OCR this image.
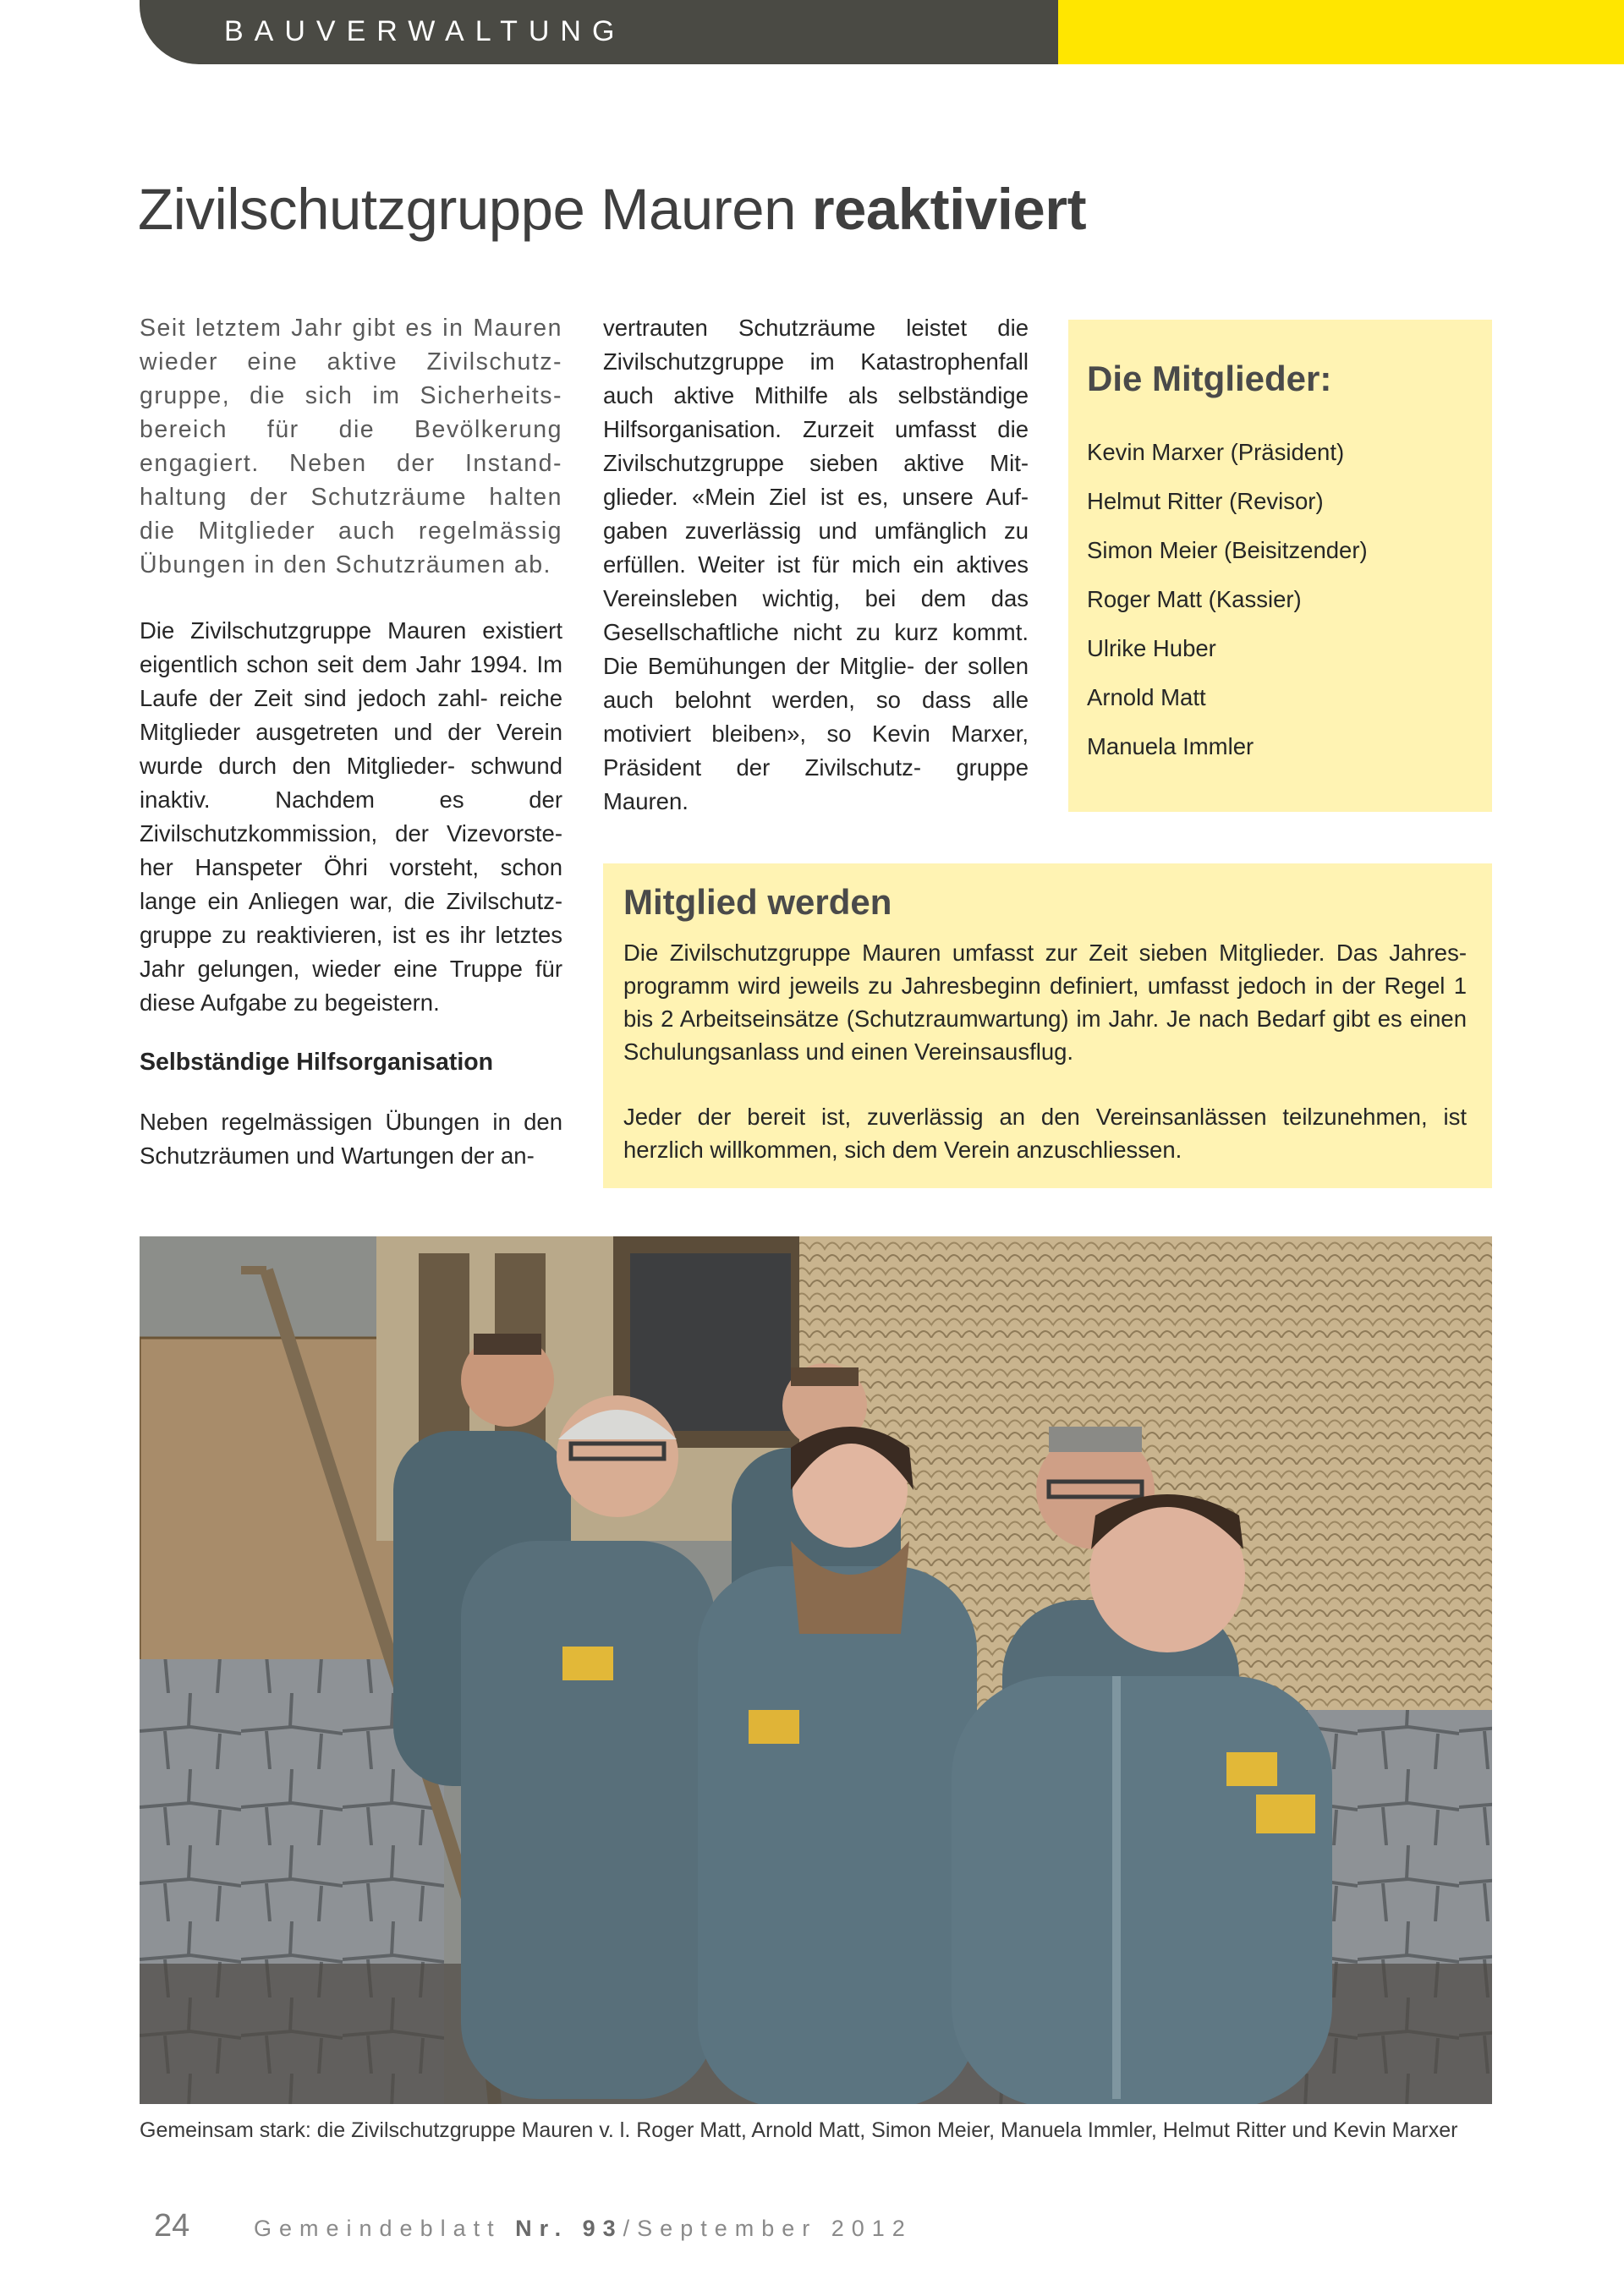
BAUVERWALTUNG
Zivilschutzgruppe Mauren reaktiviert

Seit letztem Jahr gibt es in Mauren wieder eine aktive Zivilschutz- gruppe, die sich im Sicherheits- bereich für die Bevölkerung engagiert. Neben der Instand- haltung der Schutzräume halten die Mitglieder auch regelmässig Übungen in den Schutzräumen ab.

Die Zivilschutzgruppe Mauren existiert eigentlich schon seit dem Jahr 1994. Im Laufe der Zeit sind jedoch zahl- reiche Mitglieder ausgetreten und der Verein wurde durch den Mitglieder- schwund inaktiv. Nachdem es der Zivilschutzkommission, der Vizevorste- her Hanspeter Öhri vorsteht, schon lange ein Anliegen war, die Zivilschutz- gruppe zu reaktivieren, ist es ihr letztes Jahr gelungen, wieder eine Truppe für diese Aufgabe zu begeistern.

Selbständige Hilfsorganisation

Neben regelmässigen Übungen in den Schutzräumen und Wartungen der an-

vertrauten Schutzräume leistet die Zivilschutzgruppe im Katastrophenfall auch aktive Mithilfe als selbständige Hilfsorganisation. Zurzeit umfasst die Zivilschutzgruppe sieben aktive Mit- glieder. «Mein Ziel ist es, unsere Auf- gaben zuverlässig und umfänglich zu erfüllen. Weiter ist für mich ein aktives Vereinsleben wichtig, bei dem das Gesellschaftliche nicht zu kurz kommt. Die Bemühungen der Mitglie- der sollen auch belohnt werden, so dass alle motiviert bleiben», so Kevin Marxer, Präsident der Zivilschutz- gruppe Mauren.

Die Mitglieder:

Kevin Marxer (Präsident)
Helmut Ritter (Revisor)
Simon Meier (Beisitzender)
Roger Matt (Kassier)
Ulrike Huber
Arnold Matt
Manuela Immler

Mitglied werden

Die Zivilschutzgruppe Mauren umfasst zur Zeit sieben Mitglieder. Das Jahres- programm wird jeweils zu Jahresbeginn definiert, umfasst jedoch in der Regel 1 bis 2 Arbeitseinsätze (Schutzraumwartung) im Jahr. Je nach Bedarf gibt es einen Schulungsanlass und einen Vereinsausflug.

Jeder der bereit ist, zuverlässig an den Vereinsanlässen teilzunehmen, ist herzlich willkommen, sich dem Verein anzuschliessen.

Gemeinsam stark: die Zivilschutzgruppe Mauren v. l. Roger Matt, Arnold Matt, Simon Meier, Manuela Immler, Helmut Ritter und Kevin Marxer
24	Gemeindeblatt Nr. 93/September 2012
